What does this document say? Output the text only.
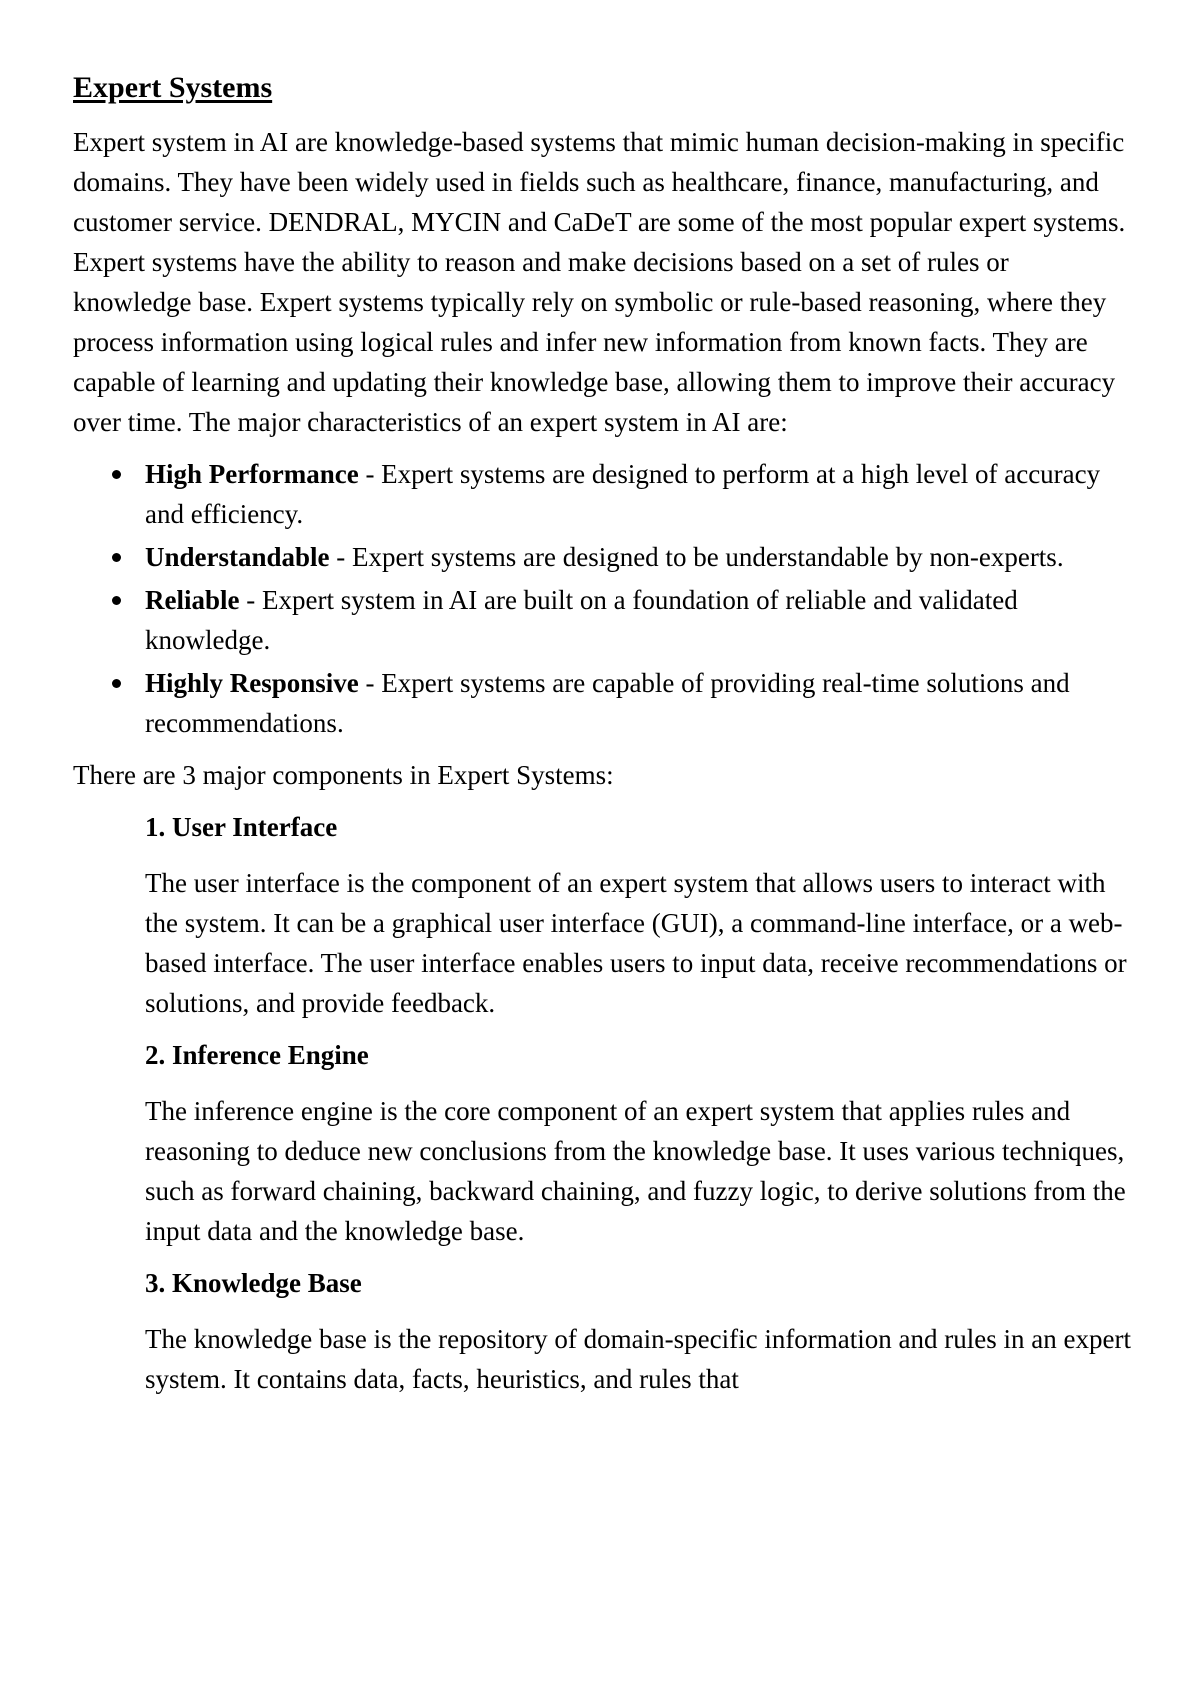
Expert Systems

Expert system in AI are knowledge-based systems that mimic human decision-making in specific domains. They have been widely used in fields such as healthcare, finance, manufacturing, and customer service. DENDRAL, MYCIN and CaDeT are some of the most popular expert systems. Expert systems have the ability to reason and make decisions based on a set of rules or knowledge base. Expert systems typically rely on symbolic or rule-based reasoning, where they process information using logical rules and infer new information from known facts. They are capable of learning and updating their knowledge base, allowing them to improve their accuracy over time. The major characteristics of an expert system in AI are:

High Performance - Expert systems are designed to perform at a high level of accuracy and efficiency.
Understandable - Expert systems are designed to be understandable by non-experts.
Reliable - Expert system in AI are built on a foundation of reliable and validated knowledge.
Highly Responsive - Expert systems are capable of providing real-time solutions and recommendations.

There are 3 major components in Expert Systems:

1. User Interface

The user interface is the component of an expert system that allows users to interact with the system. It can be a graphical user interface (GUI), a command-line interface, or a web-based interface. The user interface enables users to input data, receive recommendations or solutions, and provide feedback.

2. Inference Engine

The inference engine is the core component of an expert system that applies rules and reasoning to deduce new conclusions from the knowledge base. It uses various techniques, such as forward chaining, backward chaining, and fuzzy logic, to derive solutions from the input data and the knowledge base.

3. Knowledge Base

The knowledge base is the repository of domain-specific information and rules in an expert system. It contains data, facts, heuristics, and rules that
